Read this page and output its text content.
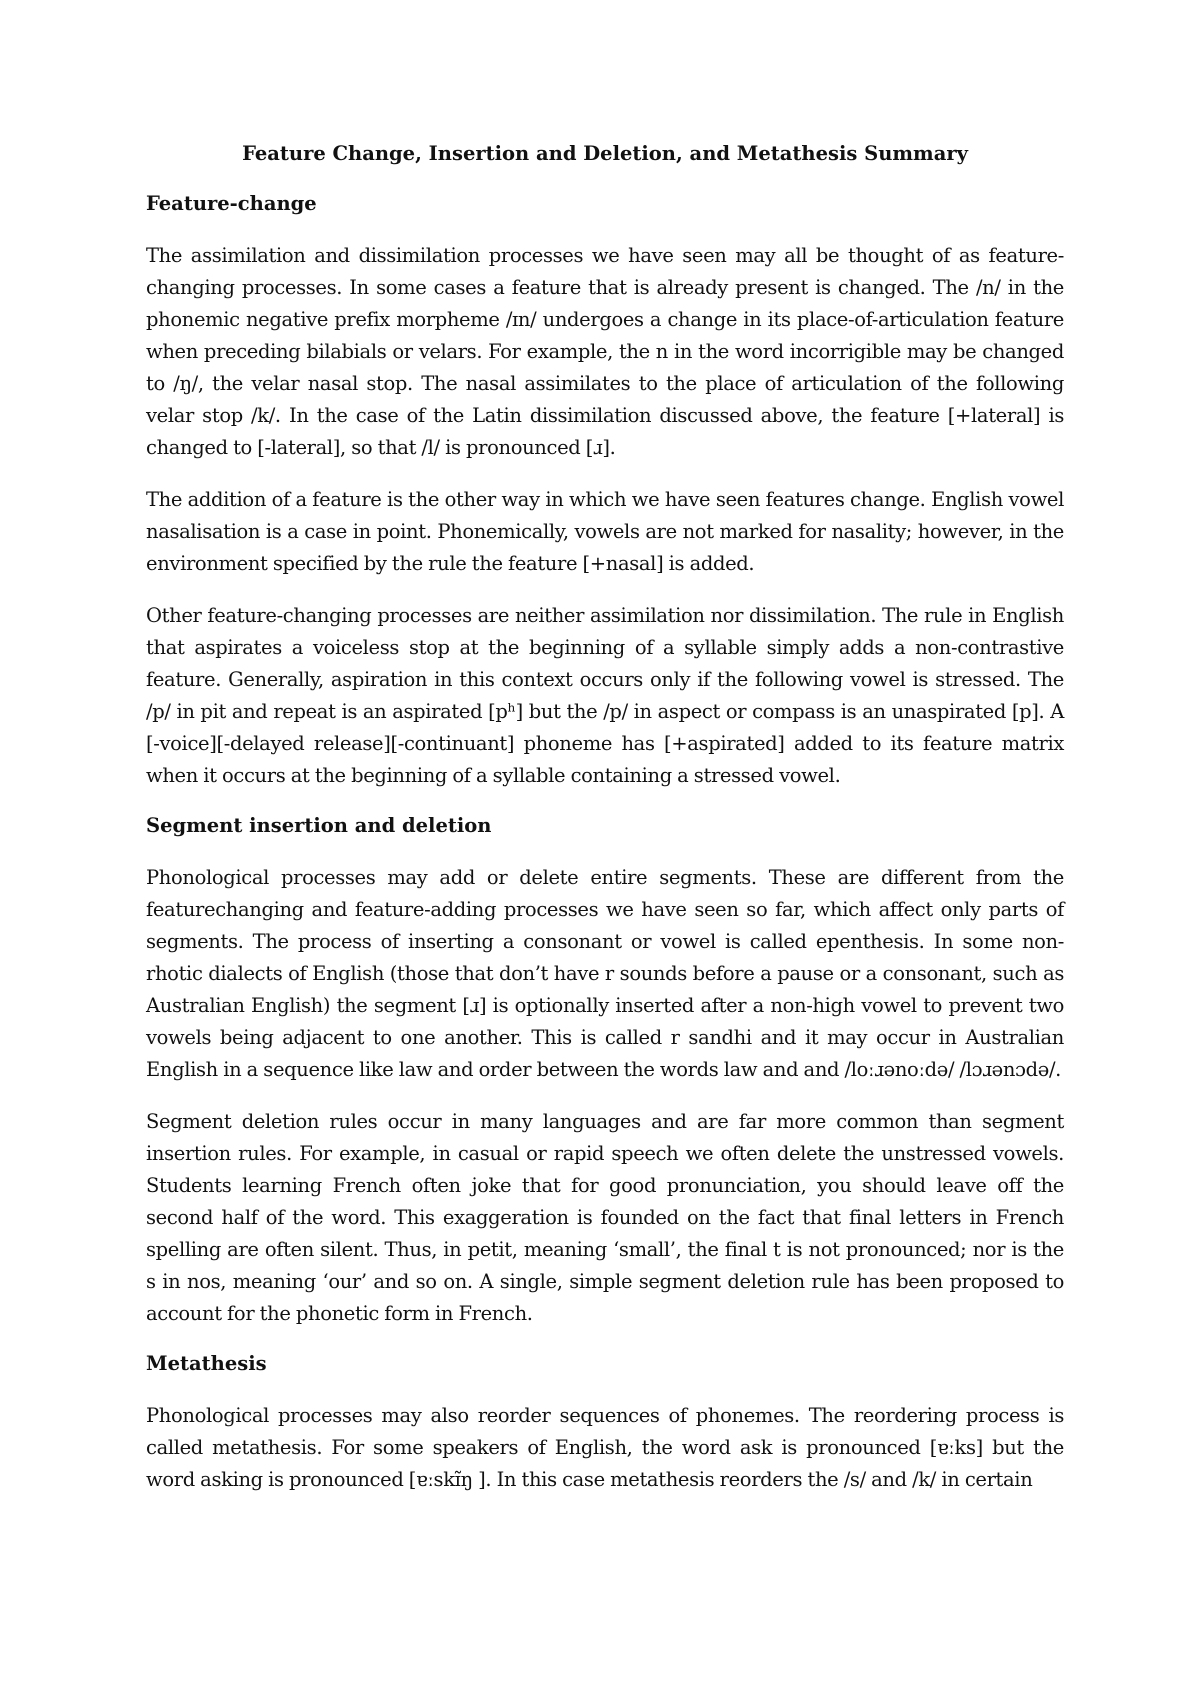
Feature Change, Insertion and Deletion, and Metathesis Summary
Feature-change

The assimilation and dissimilation processes we have seen may all be thought of as feature-changing processes. In some cases a feature that is already present is changed. The /n/ in the phonemic negative prefix morpheme /ɪn/ undergoes a change in its place-of-articulation feature when preceding bilabials or velars. For example, the n in the word incorrigible may be changed to /ŋ/, the velar nasal stop. The nasal assimilates to the place of articulation of the following velar stop /k/. In the case of the Latin dissimilation discussed above, the feature [+lateral] is changed to [-lateral], so that /l/ is pronounced [ɹ].

The addition of a feature is the other way in which we have seen features change. English vowel nasalisation is a case in point. Phonemically, vowels are not marked for nasality; however, in the environment specified by the rule the feature [+nasal] is added.

Other feature-changing processes are neither assimilation nor dissimilation. The rule in English that aspirates a voiceless stop at the beginning of a syllable simply adds a non-contrastive feature. Generally, aspiration in this context occurs only if the following vowel is stressed. The /p/ in pit and repeat is an aspirated [pʰ] but the /p/ in aspect or compass is an unaspirated [p]. A [-voice][-delayed release][-continuant] phoneme has [+aspirated] added to its feature matrix when it occurs at the beginning of a syllable containing a stressed vowel.

Segment insertion and deletion

Phonological processes may add or delete entire segments. These are different from the featurechanging and feature-adding processes we have seen so far, which affect only parts of segments. The process of inserting a consonant or vowel is called epenthesis. In some non-rhotic dialects of English (those that don’t have r sounds before a pause or a consonant, such as Australian English) the segment [ɹ] is optionally inserted after a non-high vowel to prevent two vowels being adjacent to one another. This is called r sandhi and it may occur in Australian English in a sequence like law and order between the words law and and /loːɹənoːdə/ /lɔɹənɔdə/.

Segment deletion rules occur in many languages and are far more common than segment insertion rules. For example, in casual or rapid speech we often delete the unstressed vowels. Students learning French often joke that for good pronunciation, you should leave off the second half of the word. This exaggeration is founded on the fact that final letters in French spelling are often silent. Thus, in petit, meaning ‘small’, the final t is not pronounced; nor is the s in nos, meaning ‘our’ and so on. A single, simple segment deletion rule has been proposed to account for the phonetic form in French.

Metathesis

Phonological processes may also reorder sequences of phonemes. The reordering process is called metathesis. For some speakers of English, the word ask is pronounced [ɐːks] but the word asking is pronounced [ɐːskɪ̃ŋ ]. In this case metathesis reorders the /s/ and /k/ in certain
